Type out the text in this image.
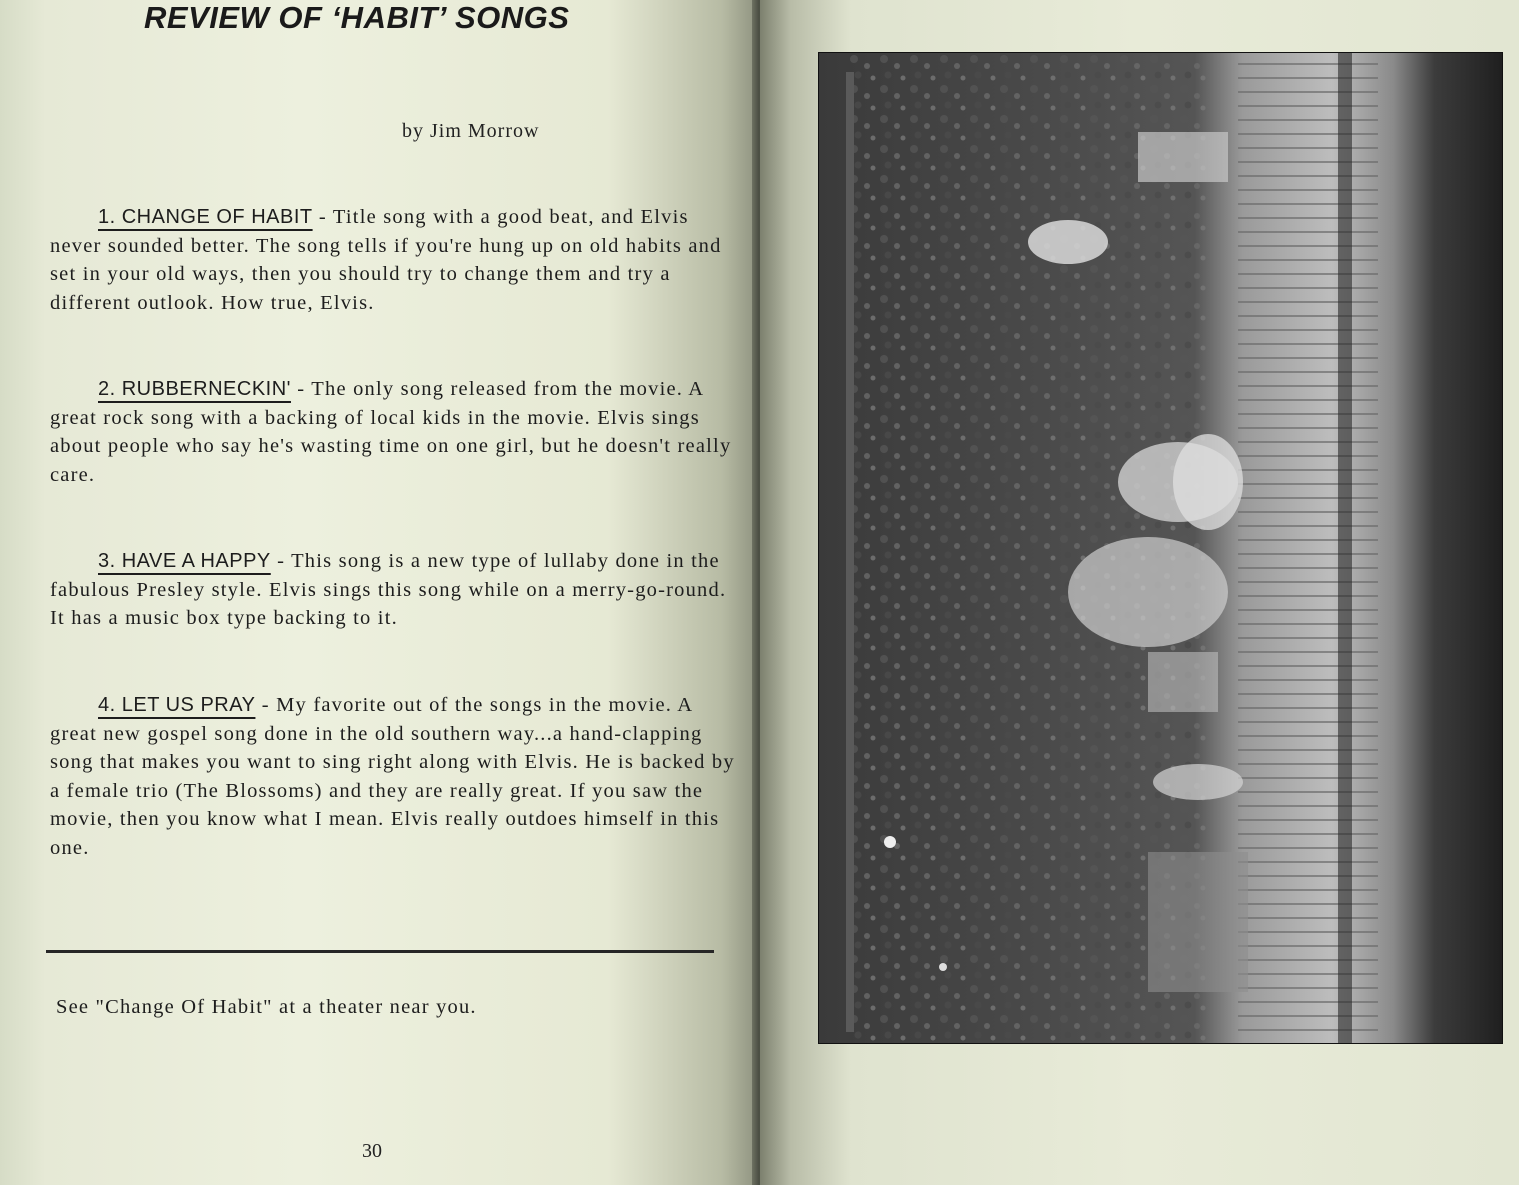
REVIEW OF ‘HABIT’ SONGS
by Jim Morrow

1. CHANGE OF HABIT - Title song with a good beat, and Elvis never sounded better. The song tells if you're hung up on old habits and set in your old ways, then you should try to change them and try a different outlook. How true, Elvis.

2. RUBBERNECKIN' - The only song released from the movie. A great rock song with a backing of local kids in the movie. Elvis sings about people who say he's wasting time on one girl, but he doesn't really care.

3. HAVE A HAPPY - This song is a new type of lullaby done in the fabulous Presley style. Elvis sings this song while on a merry-go-round. It has a music box type backing to it.

4. LET US PRAY - My favorite out of the songs in the movie. A great new gospel song done in the old southern way...a hand-clapping song that makes you want to sing right along with Elvis. He is backed by a female trio (The Blossoms) and they are really great. If you saw the movie, then you know what I mean. Elvis really outdoes himself in this one.

See "Change Of Habit" at a theater near you.
30
